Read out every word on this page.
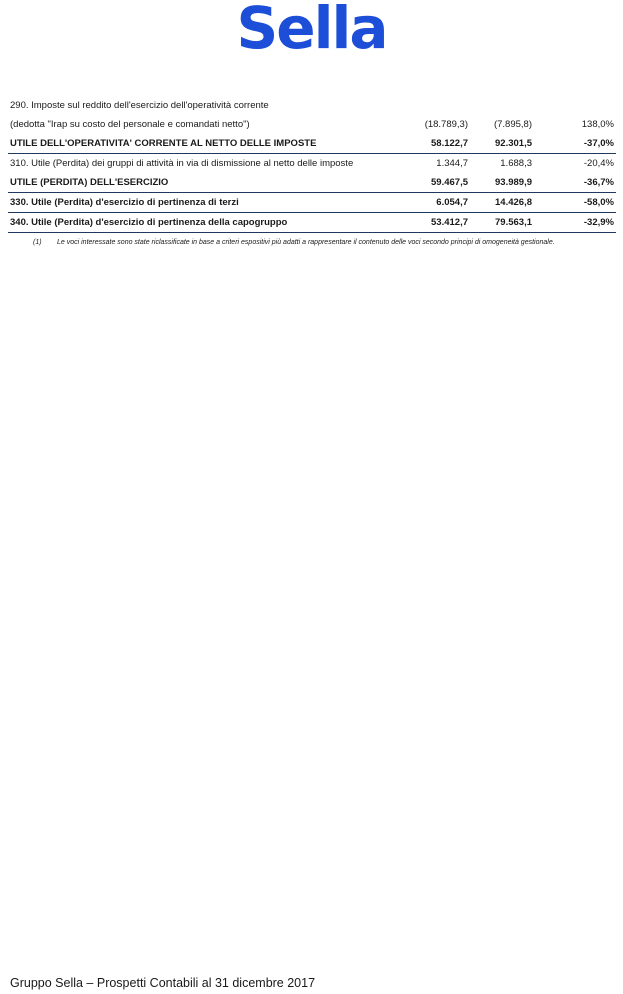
Sella
290. Imposte sul reddito dell'esercizio dell'operatività corrente
(dedotta "Irap su costo del personale e comandati netto")	(18.789,3)	(7.895,8)	138,0%
UTILE DELL'OPERATIVITA' CORRENTE AL NETTO DELLE IMPOSTE	58.122,7	92.301,5	-37,0%
310. Utile (Perdita) dei gruppi di attività in via di dismissione al netto delle imposte	1.344,7	1.688,3	-20,4%
UTILE (PERDITA) DELL'ESERCIZIO	59.467,5	93.989,9	-36,7%
330. Utile (Perdita) d'esercizio di pertinenza di terzi	6.054,7	14.426,8	-58,0%
340. Utile (Perdita) d'esercizio di pertinenza della capogruppo	53.412,7	79.563,1	-32,9%
(1) Le voci interessate sono state riclassificate in base a criteri espositivi più adatti a rappresentare il contenuto delle voci secondo principi di omogeneità gestionale.
Gruppo Sella – Prospetti Contabili al 31 dicembre 2017
